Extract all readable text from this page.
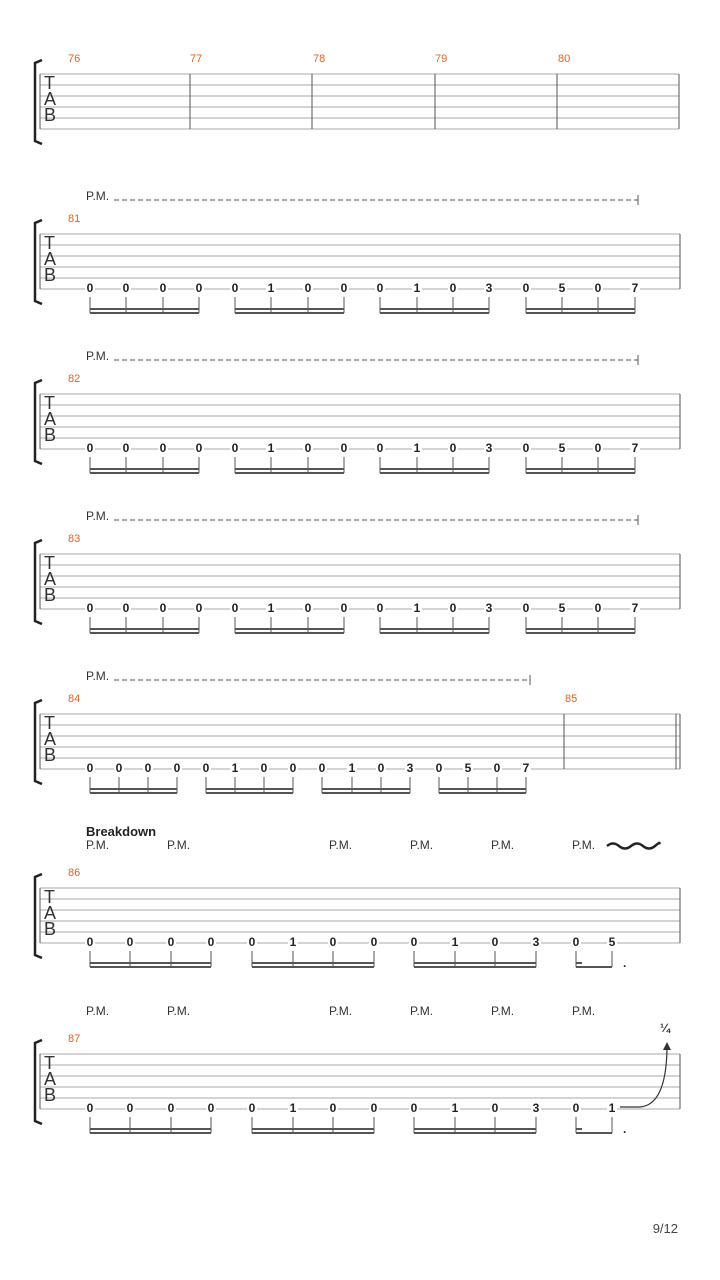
T
A
B
76	77	78	79	80
T
A
B
81
P.M.
0 0	0 0 0 1	0 0 0	1 0 3	0 5 0	7
T
A
B
82
P.M.
0 0	0 0 0 1	0 0 0	1 0 3	0 5 0	7
T
A
B
83
P.M.
0 0	0 0 0 1	0 0 0	1 0 3	0 5 0	7
T
A
B
84	85
P.M.
0 0 0 0 0 1 0 0 0 1 0 3 0 5 0 7
T
A
B
86
0	0	0	0	0	1	0	0	0	1	0	3	0 5
.
Breakdown
P.M.	P.M.	P.M.	P.M.	P.M.	P.M.
T
A
B
87
0	0	0	0	0	1	0	0	0	1	0	3	0 1
.
P.M.	P.M.	P.M.	P.M.	P.M.	P.M.
¼
9/12
